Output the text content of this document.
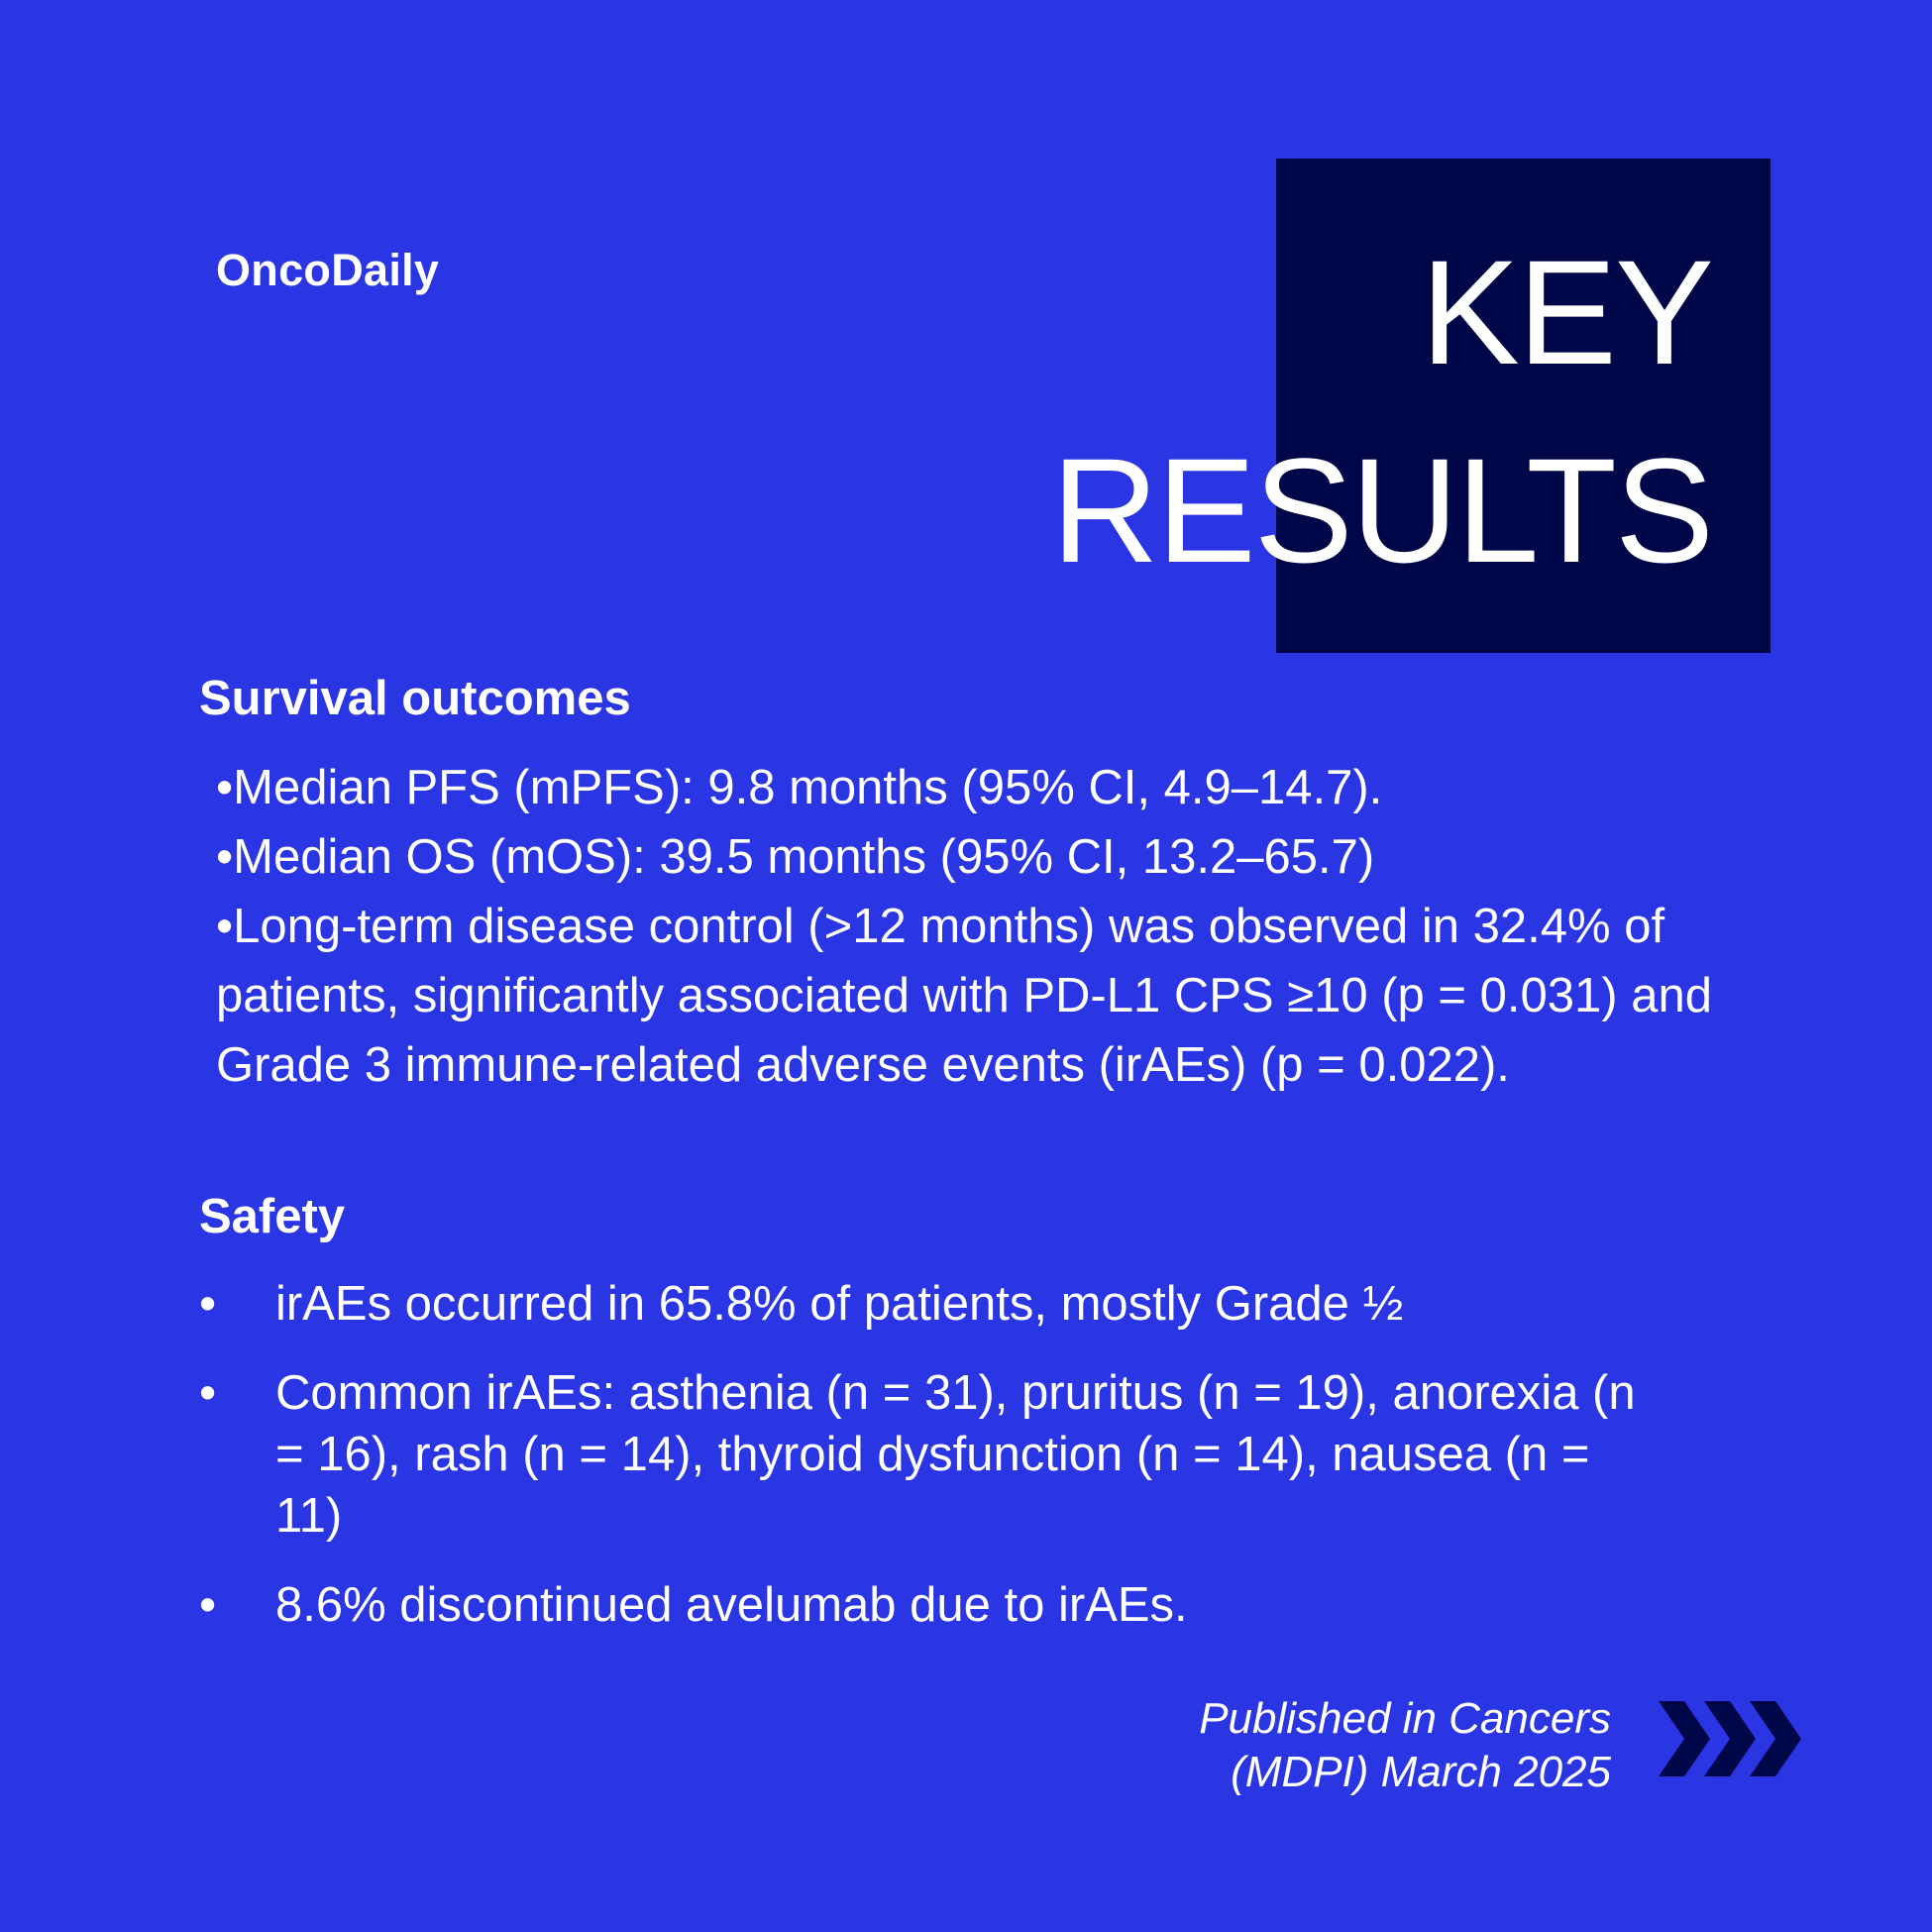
OncoDaily	KEY
RESULTS
Survival outcomes
•Median PFS (mPFS): 9.8 months (95% CI, 4.9–14.7).
•Median OS (mOS): 39.5 months (95% CI, 13.2–65.7)
•Long-term disease control (>12 months) was observed in 32.4% of patients, significantly associated with PD-L1 CPS ≥10 (p = 0.031) and Grade 3 immune-related adverse events (irAEs) (p = 0.022).
Safety
• irAEs occurred in 65.8% of patients, mostly Grade ½
• Common irAEs: asthenia (n = 31), pruritus (n = 19), anorexia (n = 16), rash (n = 14), thyroid dysfunction (n = 14), nausea (n = 11)
• 8.6% discontinued avelumab due to irAEs.
Published in Cancers
(MDPI) March 2025
